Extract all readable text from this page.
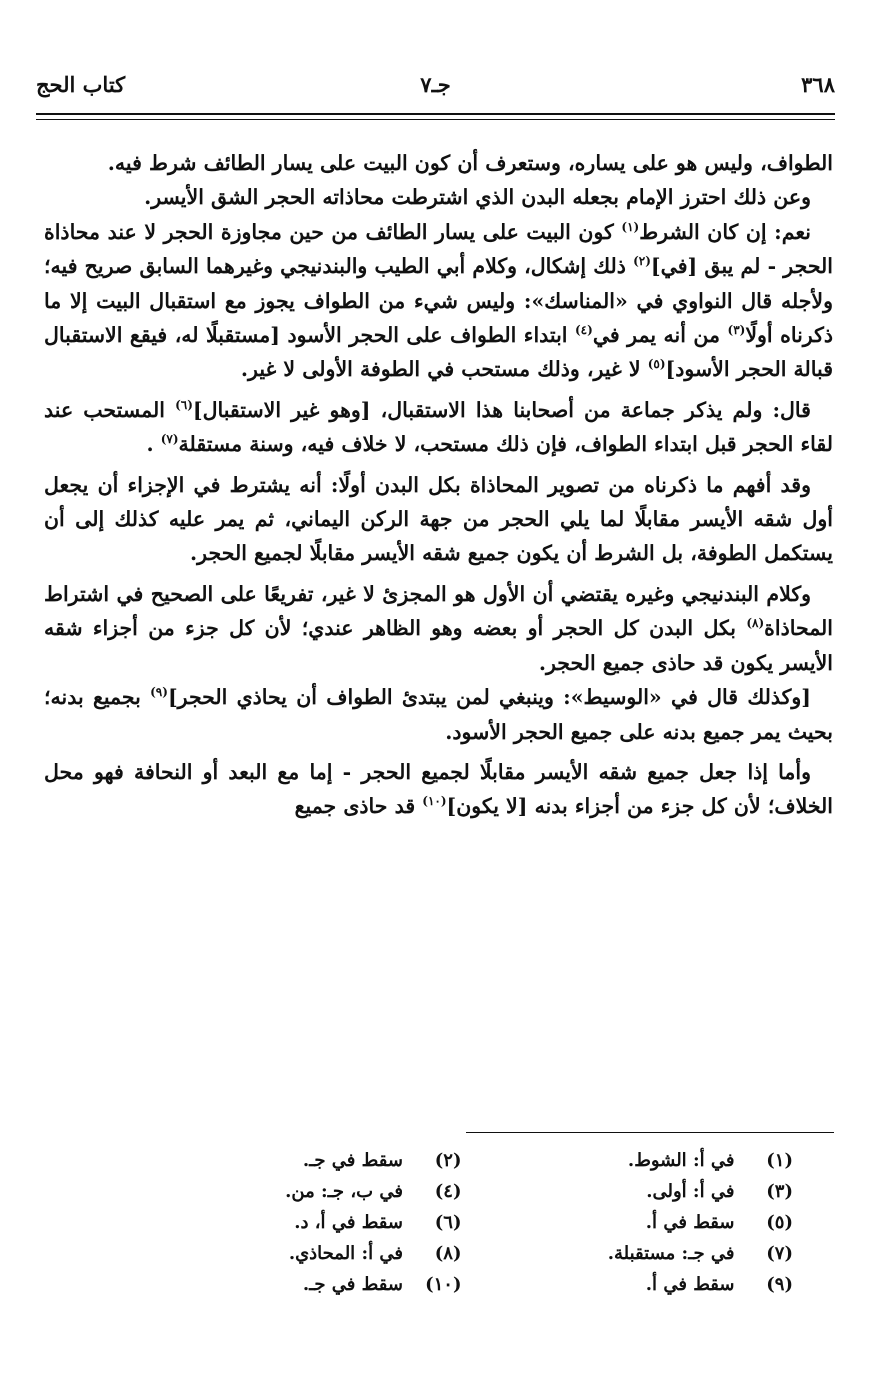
٣٦٨
جـ٧
كتاب الحج

الطواف، وليس هو على يساره، وستعرف أن كون البيت على يسار الطائف شرط فيه.

وعن ذلك احترز الإمام بجعله البدن الذي اشترطت محاذاته الحجر الشق الأيسر.

نعم: إن كان الشرط$^{(١)}$ كون البيت على يسار الطائف من حين مجاوزة الحجر لا عند محاذاة الحجر - لم يبق [في]$^{(٢)}$ ذلك إشكال، وكلام أبي الطيب والبندنيجي وغيرهما السابق صريح فيه؛ ولأجله قال النواوي في «المناسك»: وليس شيء من الطواف يجوز مع استقبال البيت إلا ما ذكرناه أولًا$^{(٣)}$ من أنه يمر في$^{(٤)}$ ابتداء الطواف على الحجر الأسود [مستقبلًا له، فيقع الاستقبال قبالة الحجر الأسود]$^{(٥)}$ لا غير، وذلك مستحب في الطوفة الأولى لا غير.

قال: ولم يذكر جماعة من أصحابنا هذا الاستقبال، [وهو غير الاستقبال]$^{(٦)}$ المستحب عند لقاء الحجر قبل ابتداء الطواف، فإن ذلك مستحب، لا خلاف فيه، وسنة مستقلة$^{(٧)}$ .

وقد أفهم ما ذكرناه من تصوير المحاذاة بكل البدن أولًا: أنه يشترط في الإجزاء أن يجعل أول شقه الأيسر مقابلًا لما يلي الحجر من جهة الركن اليماني، ثم يمر عليه كذلك إلى أن يستكمل الطوفة، بل الشرط أن يكون جميع شقه الأيسر مقابلًا لجميع الحجر.

وكلام البندنيجي وغيره يقتضي أن الأول هو المجزئ لا غير، تفريعًا على الصحيح في اشتراط المحاذاة$^{(٨)}$ بكل البدن كل الحجر أو بعضه وهو الظاهر عندي؛ لأن كل جزء من أجزاء شقه الأيسر يكون قد حاذى جميع الحجر.

[وكذلك قال في «الوسيط»: وينبغي لمن يبتدئ الطواف أن يحاذي الحجر]$^{(٩)}$ بجميع بدنه؛ بحيث يمر جميع بدنه على جميع الحجر الأسود.

وأما إذا جعل جميع شقه الأيسر مقابلًا لجميع الحجر - إما مع البعد أو النحافة فهو محل الخلاف؛ لأن كل جزء من أجزاء بدنه [لا يكون]$^{(١٠)}$ قد حاذى جميع

(١)
في أ: الشوط.
(٢)
سقط في جـ.
(٣)
في أ: أولى.
(٤)
في ب، جـ: من.
(٥)
سقط في أ.
(٦)
سقط في أ، د.
(٧)
في جـ: مستقبلة.
(٨)
في أ: المحاذي.
(٩)
سقط في أ.
(١٠)
سقط في جـ.
